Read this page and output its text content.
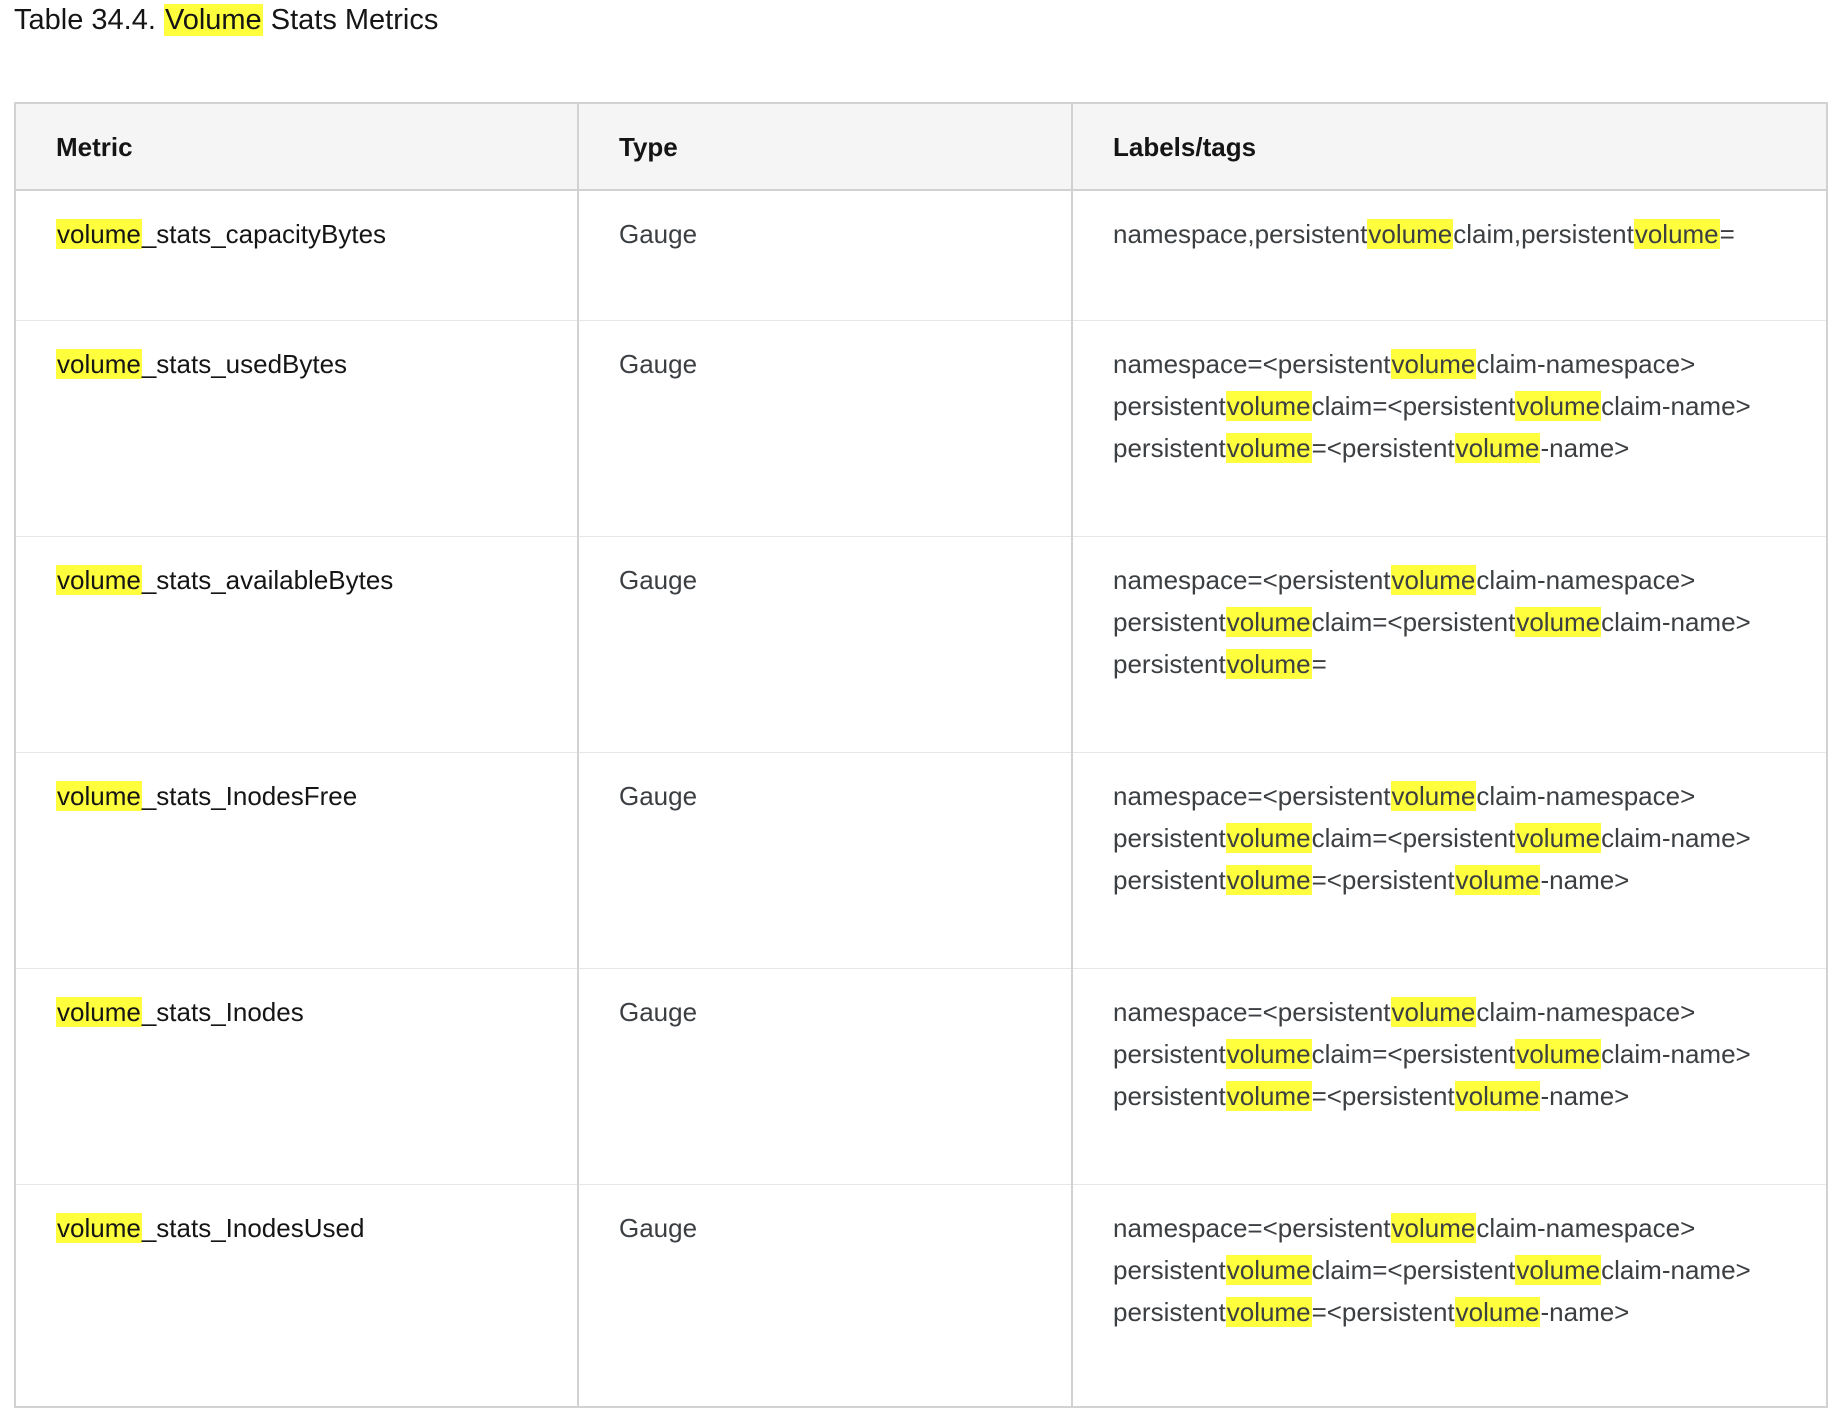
Table 34.4. Volume Stats Metrics
Metric	Type	Labels/tags
volume_stats_capacityBytes	Gauge	namespace,persistentvolumeclaim,persistentvolume=
volume_stats_usedBytes	Gauge	namespace=<persistentvolumeclaim-namespace> persistentvolumeclaim=<persistentvolumeclaim-name> persistentvolume=<persistentvolume-name>
volume_stats_availableBytes	Gauge	namespace=<persistentvolumeclaim-namespace> persistentvolumeclaim=<persistentvolumeclaim-name> persistentvolume=
volume_stats_InodesFree	Gauge	namespace=<persistentvolumeclaim-namespace> persistentvolumeclaim=<persistentvolumeclaim-name> persistentvolume=<persistentvolume-name>
volume_stats_Inodes	Gauge	namespace=<persistentvolumeclaim-namespace> persistentvolumeclaim=<persistentvolumeclaim-name> persistentvolume=<persistentvolume-name>
volume_stats_InodesUsed	Gauge	namespace=<persistentvolumeclaim-namespace> persistentvolumeclaim=<persistentvolumeclaim-name> persistentvolume=<persistentvolume-name>
